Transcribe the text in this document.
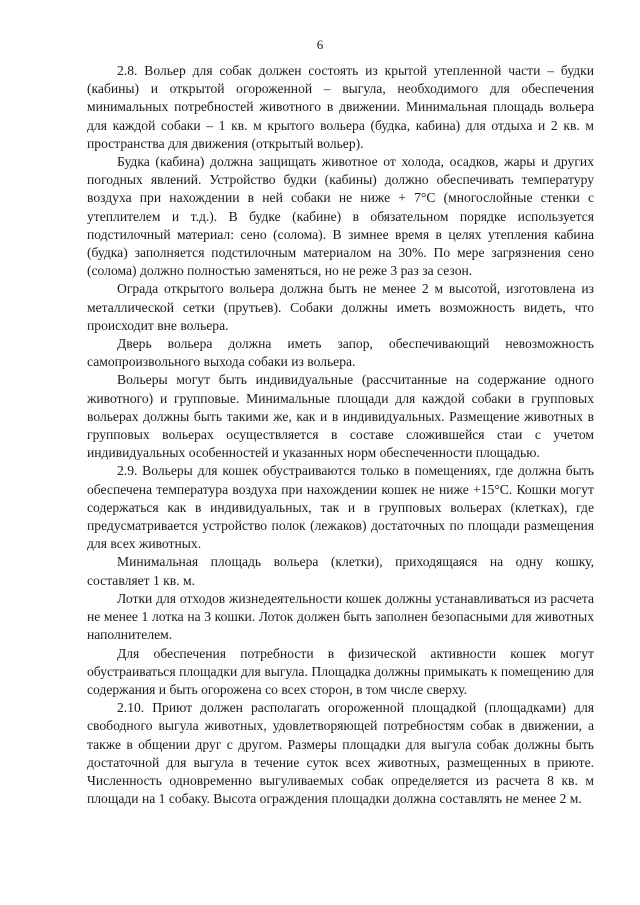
6

2.8. Вольер для собак должен состоять из крытой утепленной части – будки (кабины) и открытой огороженной – выгула, необходимого для обеспечения минимальных потребностей животного в движении. Минимальная площадь вольера для каждой собаки – 1 кв. м крытого вольера (будка, кабина) для отдыха и 2 кв. м пространства для движения (открытый вольер).

Будка (кабина) должна защищать животное от холода, осадков, жары и других погодных явлений. Устройство будки (кабины) должно обеспечивать температуру воздуха при нахождении в ней собаки не ниже + 7°С (многослойные стенки с утеплителем и т.д.). В будке (кабине) в обязательном порядке используется подстилочный материал: сено (солома). В зимнее время в целях утепления кабина (будка) заполняется подстилочным материалом на 30%. По мере загрязнения сено (солома) должно полностью заменяться, но не реже 3 раз за сезон.

Ограда открытого вольера должна быть не менее 2 м высотой, изготовлена из металлической сетки (прутьев). Собаки должны иметь возможность видеть, что происходит вне вольера.

Дверь вольера должна иметь запор, обеспечивающий невозможность самопроизвольного выхода собаки из вольера.

Вольеры могут быть индивидуальные (рассчитанные на содержание одного животного) и групповые. Минимальные площади для каждой собаки в групповых вольерах должны быть такими же, как и в индивидуальных. Размещение животных в групповых вольерах осуществляется в составе сложившейся стаи с учетом индивидуальных особенностей и указанных норм обеспеченности площадью.

2.9. Вольеры для кошек обустраиваются только в помещениях, где должна быть обеспечена температура воздуха при нахождении кошек не ниже +15°С. Кошки могут содержаться как в индивидуальных, так и в групповых вольерах (клетках), где предусматривается устройство полок (лежаков) достаточных по площади размещения для всех животных.

Минимальная площадь вольера (клетки), приходящаяся на одну кошку, составляет 1 кв. м.

Лотки для отходов жизнедеятельности кошек должны устанавливаться из расчета не менее 1 лотка на 3 кошки. Лоток должен быть заполнен безопасными для животных наполнителем.

Для обеспечения потребности в физической активности кошек могут обустраиваться площадки для выгула. Площадка должны примыкать к помещению для содержания и быть огорожена со всех сторон, в том числе сверху.

2.10. Приют должен располагать огороженной площадкой (площадками) для свободного выгула животных, удовлетворяющей потребностям собак в движении, а также в общении друг с другом. Размеры площадки для выгула собак должны быть достаточной для выгула в течение суток всех животных, размещенных в приюте. Численность одновременно выгуливаемых собак определяется из расчета 8 кв. м площади на 1 собаку. Высота ограждения площадки должна составлять не менее 2 м.
